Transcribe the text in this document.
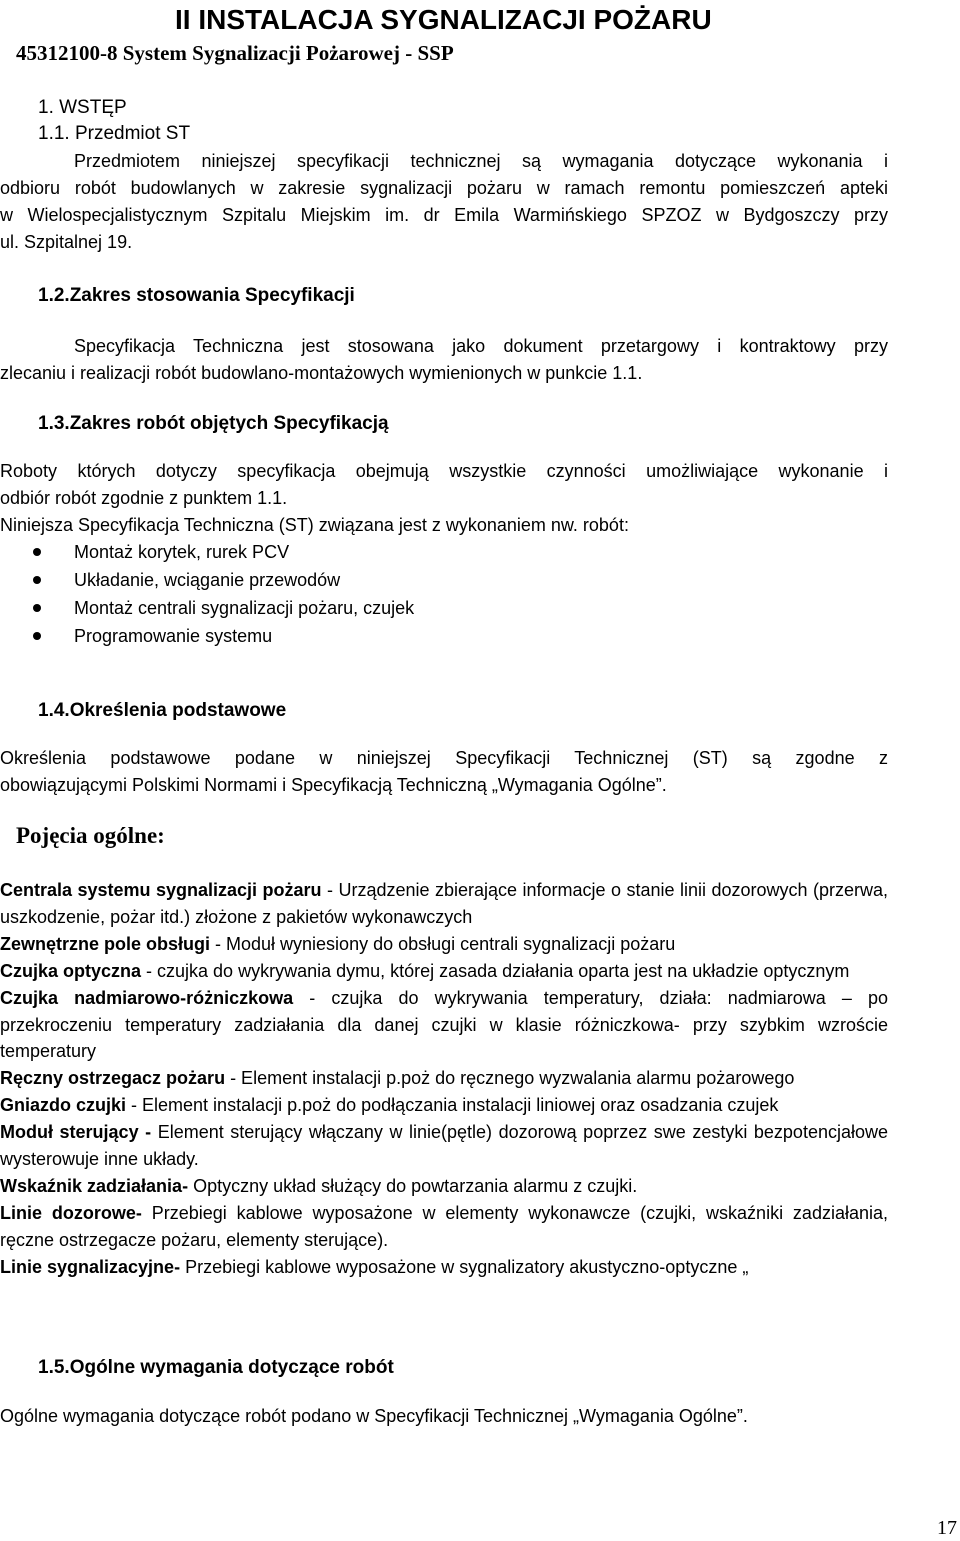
II INSTALACJA SYGNALIZACJI POŻARU
45312100-8 System Sygnalizacji Pożarowej - SSP
1. WSTĘP
1.1. Przedmiot ST
Przedmiotem niniejszej specyfikacji technicznej są wymagania dotyczące wykonania i
odbioru robót budowlanych w zakresie sygnalizacji pożaru w ramach remontu pomieszczeń apteki
w Wielospecjalistycznym Szpitalu Miejskim im. dr Emila Warmińskiego SPZOZ w Bydgoszczy przy
ul. Szpitalnej 19.
1.2.Zakres stosowania Specyfikacji
Specyfikacja Techniczna jest stosowana jako dokument przetargowy i kontraktowy przy
zlecaniu i realizacji robót budowlano-montażowych wymienionych w punkcie 1.1.
1.3.Zakres robót objętych Specyfikacją
Roboty których dotyczy specyfikacja obejmują wszystkie czynności umożliwiające wykonanie i
odbiór robót zgodnie z punktem 1.1.
Niniejsza Specyfikacja Techniczna (ST) związana jest z wykonaniem nw. robót:
Montaż korytek, rurek PCV
Układanie, wciąganie przewodów
Montaż centrali sygnalizacji pożaru, czujek
Programowanie systemu
1.4.Określenia podstawowe
Określenia podstawowe podane w niniejszej Specyfikacji Technicznej (ST) są zgodne z
obowiązującymi Polskimi Normami i Specyfikacją Techniczną „Wymagania Ogólne”.
Pojęcia ogólne:

Centrala systemu sygnalizacji pożaru - Urządzenie zbierające informacje o stanie linii dozorowych (przerwa, uszkodzenie, pożar itd.) złożone z pakietów wykonawczych

Zewnętrzne pole obsługi - Moduł wyniesiony do obsługi centrali sygnalizacji pożaru

Czujka optyczna - czujka do wykrywania dymu, której zasada działania oparta jest na układzie optycznym

Czujka nadmiarowo-różniczkowa - czujka do wykrywania temperatury, działa: nadmiarowa – po przekroczeniu temperatury zadziałania dla danej czujki w klasie różniczkowa- przy szybkim wzroście temperatury

Ręczny ostrzegacz pożaru - Element instalacji p.poż do ręcznego wyzwalania alarmu pożarowego

Gniazdo czujki - Element instalacji p.poż do podłączania instalacji liniowej oraz osadzania czujek

Moduł sterujący - Element sterujący włączany w linie(pętle) dozorową poprzez swe zestyki bezpotencjałowe wysterowuje inne układy.

Wskaźnik zadziałania- Optyczny układ służący do powtarzania alarmu z czujki.

Linie dozorowe- Przebiegi kablowe wyposażone w elementy wykonawcze (czujki, wskaźniki zadziałania, ręczne ostrzegacze pożaru, elementy sterujące).

Linie sygnalizacyjne- Przebiegi kablowe wyposażone w sygnalizatory akustyczno-optyczne „

1.5.Ogólne wymagania dotyczące robót
Ogólne wymagania dotyczące robót podano w Specyfikacji Technicznej „Wymagania Ogólne”.
17
